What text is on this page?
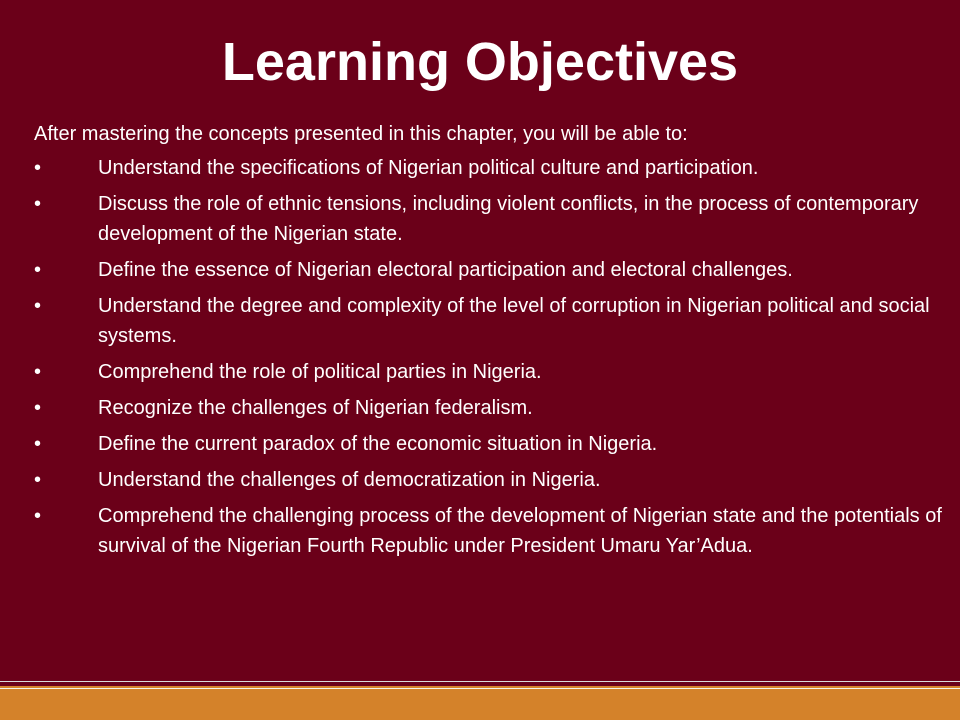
Learning Objectives

After mastering the concepts presented in this chapter, you will be able to:

•	Understand the specifications of Nigerian political culture and participation.
•	Discuss the role of ethnic tensions, including violent conflicts, in the process of contemporary development of the Nigerian state.
•	Define the essence of Nigerian electoral participation and electoral challenges.
•	Understand the degree and complexity of the level of corruption in Nigerian political and social systems.
•	Comprehend the role of political parties in Nigeria.
•	Recognize the challenges of Nigerian federalism.
•	Define the current paradox of the economic situation in Nigeria.
•	Understand the challenges of democratization in Nigeria.
•	Comprehend the challenging process of the development of Nigerian state and the potentials of survival of the Nigerian Fourth Republic under President Umaru Yar’Adua.
